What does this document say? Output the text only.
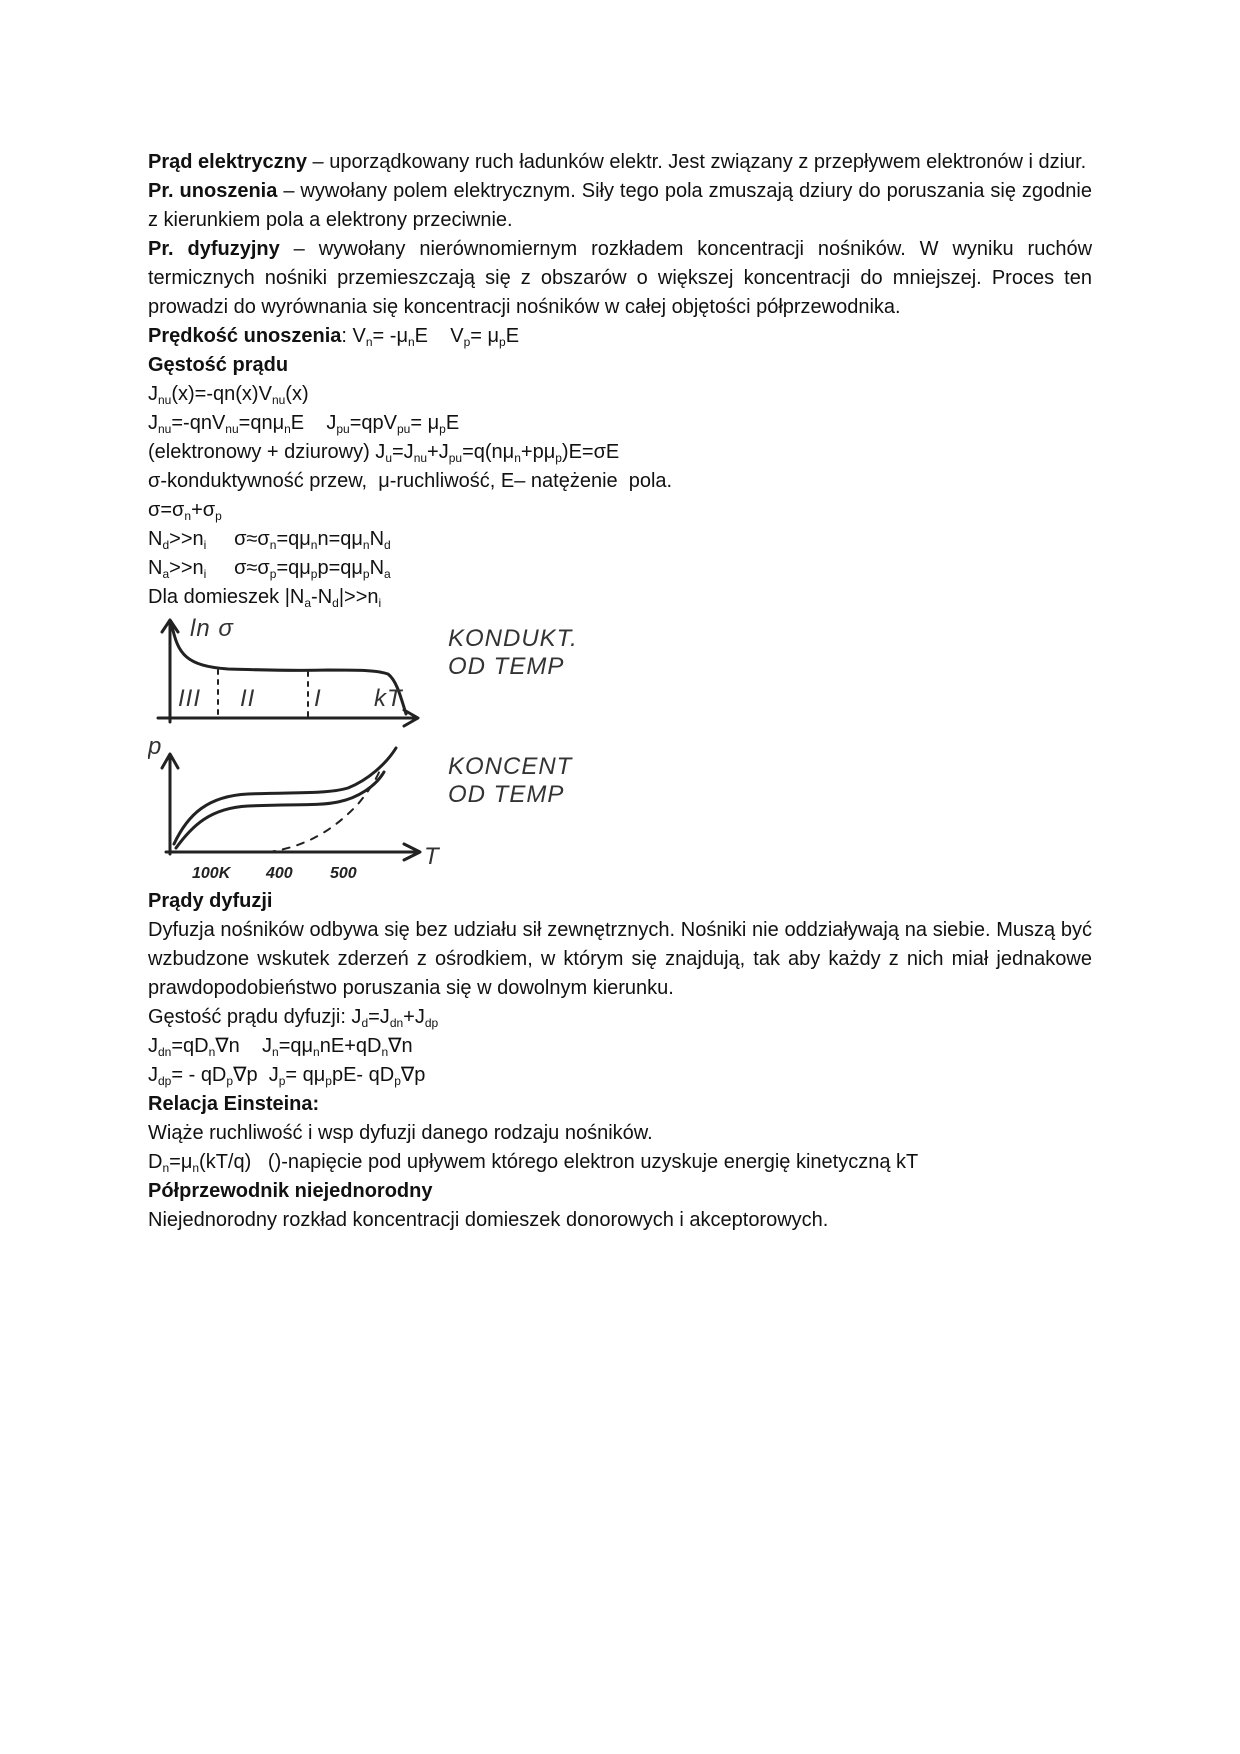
Prąd elektryczny – uporządkowany ruch ładunków elektr. Jest związany z przepływem elektronów i dziur.

Pr. unoszenia – wywołany polem elektrycznym. Siły tego pola zmuszają dziury do poruszania się zgodnie z kierunkiem pola a elektrony przeciwnie.

Pr. dyfuzyjny – wywołany nierównomiernym rozkładem koncentracji nośników. W wyniku ruchów termicznych nośniki przemieszczają się z obszarów o większej koncentracji do mniejszej. Proces ten prowadzi do wyrównania się koncentracji nośników w całej objętości półprzewodnika.

Prędkość unoszenia: $V_n= -\mu_nE$    $V_p= \mu_pE$

Gęstość prądu

$J_{nu}(x)=-qn(x)V_{nu}(x)$

$J_{nu}=-qnV_{nu}=qn\mu_nE$    $J_{pu}=qpV_{pu}= \mu_pE$

(elektronowy + dziurowy) $J_u=J_{nu}+J_{pu}=q(n\mu_n+p\mu_p)E=\sigma E$

σ-konduktywność przew,  μ-ruchliwość, E– natężenie  pola.

$\sigma=\sigma_n+\sigma_p$

$N_d>>n_i$     $\sigma\approx\sigma_n=q\mu_nn=q\mu_nN_d$

$N_a>>n_i$     $\sigma\approx\sigma_p=q\mu_pp=q\mu_pN_a$

Dla domieszek $|N_a-N_d|>>n_i$

ln σ
III II I kT
KONDUKT.
OD TEMP
p
100K 400 500
T
KONCENT
OD TEMP

Prądy dyfuzji

Dyfuzja nośników odbywa się bez udziału sił zewnętrznych. Nośniki nie oddziaływają na siebie. Muszą być wzbudzone wskutek zderzeń z ośrodkiem, w którym się znajdują, tak aby każdy z nich miał jednakowe prawdopodobieństwo poruszania się w dowolnym kierunku.

Gęstość prądu dyfuzji: $J_d=J_{dn}+J_{dp}$

$J_{dn}=qD_n\nabla n$    $J_n=q\mu_nnE+qD_n\nabla n$

$J_{dp}= - qD_p\nabla p$  $J_p= q\mu_ppE-$ $qD_p\nabla p$

Relacja Einsteina:

Wiąże ruchliwość i wsp dyfuzji danego rodzaju nośników.

$D_n=\mu_n(kT/q)$   ()-napięcie pod upływem którego elektron uzyskuje energię kinetyczną kT

Półprzewodnik niejednorodny

Niejednorodny rozkład koncentracji domieszek donorowych i akceptorowych.
